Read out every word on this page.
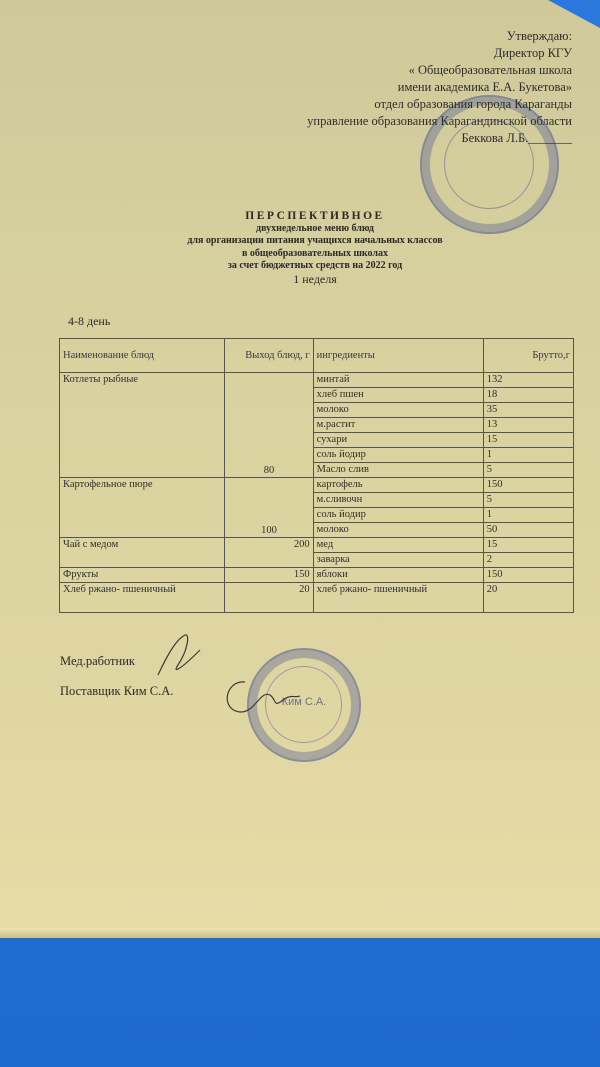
Утверждаю:
Директор КГУ
« Общеобразовательная школа
имени академика Е.А. Букетова»
отдел образования города Караганды
управление образования Карагандинской области
Беккова Л.Б._______
ПЕРСПЕКТИВНОЕ
двухнедельное меню блюд
для организации питания учащихся начальных классов
в общеобразовательных школах
за счет бюджетных средств на 2022 год
1 неделя
4-8 день
Наименование блюд	Выход блюд, г	ингредиенты	Брутто,г
Котлеты рыбные	80	минтай	132
		хлеб пшен	18
		молоко	35
		м.растит	13
		сухари	15
		соль йодир	1
		Масло слив	5
Картофельное пюре	100	картофель	150
		м.сливочн	5
		соль йодир	1
		молоко	50
Чай с медом	200	мед	15
		заварка	2
Фрукты	150	яблоки	150
Хлеб ржано- пшеничный	20	хлеб ржано- пшеничный	20
Мед.работник
Поставщик Ким С.А.
Ким С.А.
